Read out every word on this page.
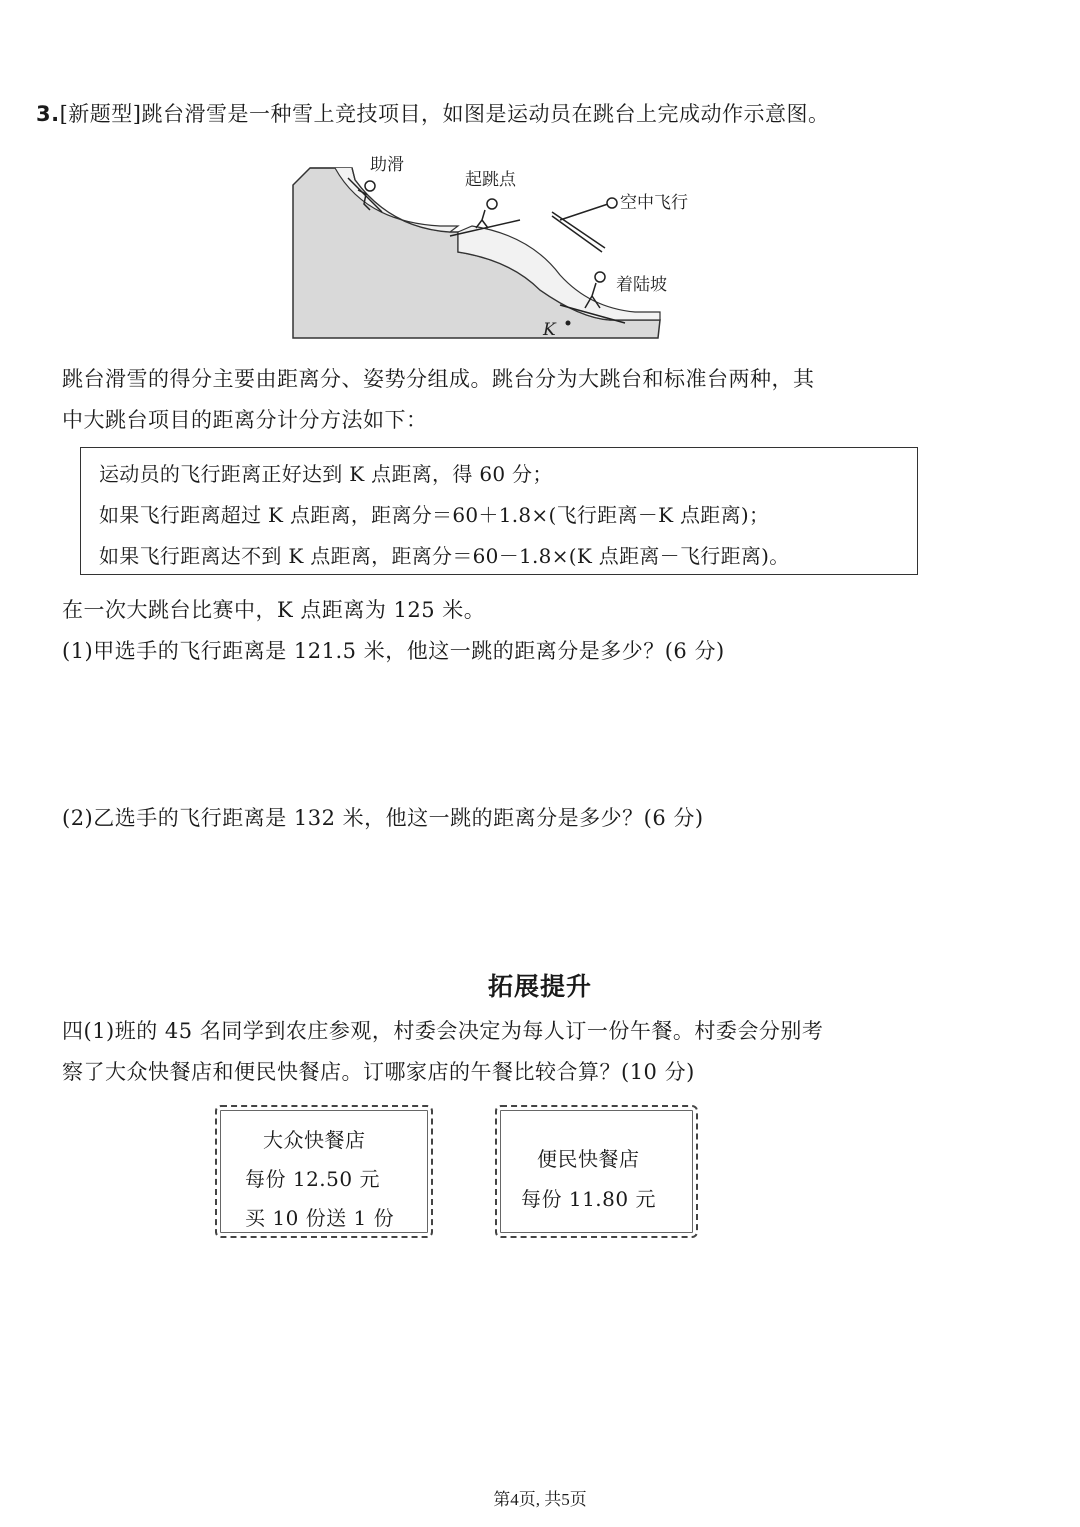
3.[新题型]跳台滑雪是一种雪上竞技项目，如图是运动员在跳台上完成动作示意图。
助滑
起跳点
空中飞行
着陆坡
K
跳台滑雪的得分主要由距离分、姿势分组成。跳台分为大跳台和标准台两种，其
中大跳台项目的距离分计分方法如下：
运动员的飞行距离正好达到 K 点距离，得 60 分；
如果飞行距离超过 K 点距离，距离分＝60＋1.8×(飞行距离－K 点距离)；
如果飞行距离达不到 K 点距离，距离分＝60－1.8×(K 点距离－飞行距离)。
在一次大跳台比赛中，K 点距离为 125 米。
(1)甲选手的飞行距离是 121.5 米，他这一跳的距离分是多少？(6 分)
(2)乙选手的飞行距离是 132 米，他这一跳的距离分是多少？(6 分)
拓展提升
四(1)班的 45 名同学到农庄参观，村委会决定为每人订一份午餐。村委会分别考
察了大众快餐店和便民快餐店。订哪家店的午餐比较合算？(10 分)
大众快餐店
每份 12.50 元
买 10 份送 1 份
便民快餐店
每份 11.80 元
第4页, 共5页
